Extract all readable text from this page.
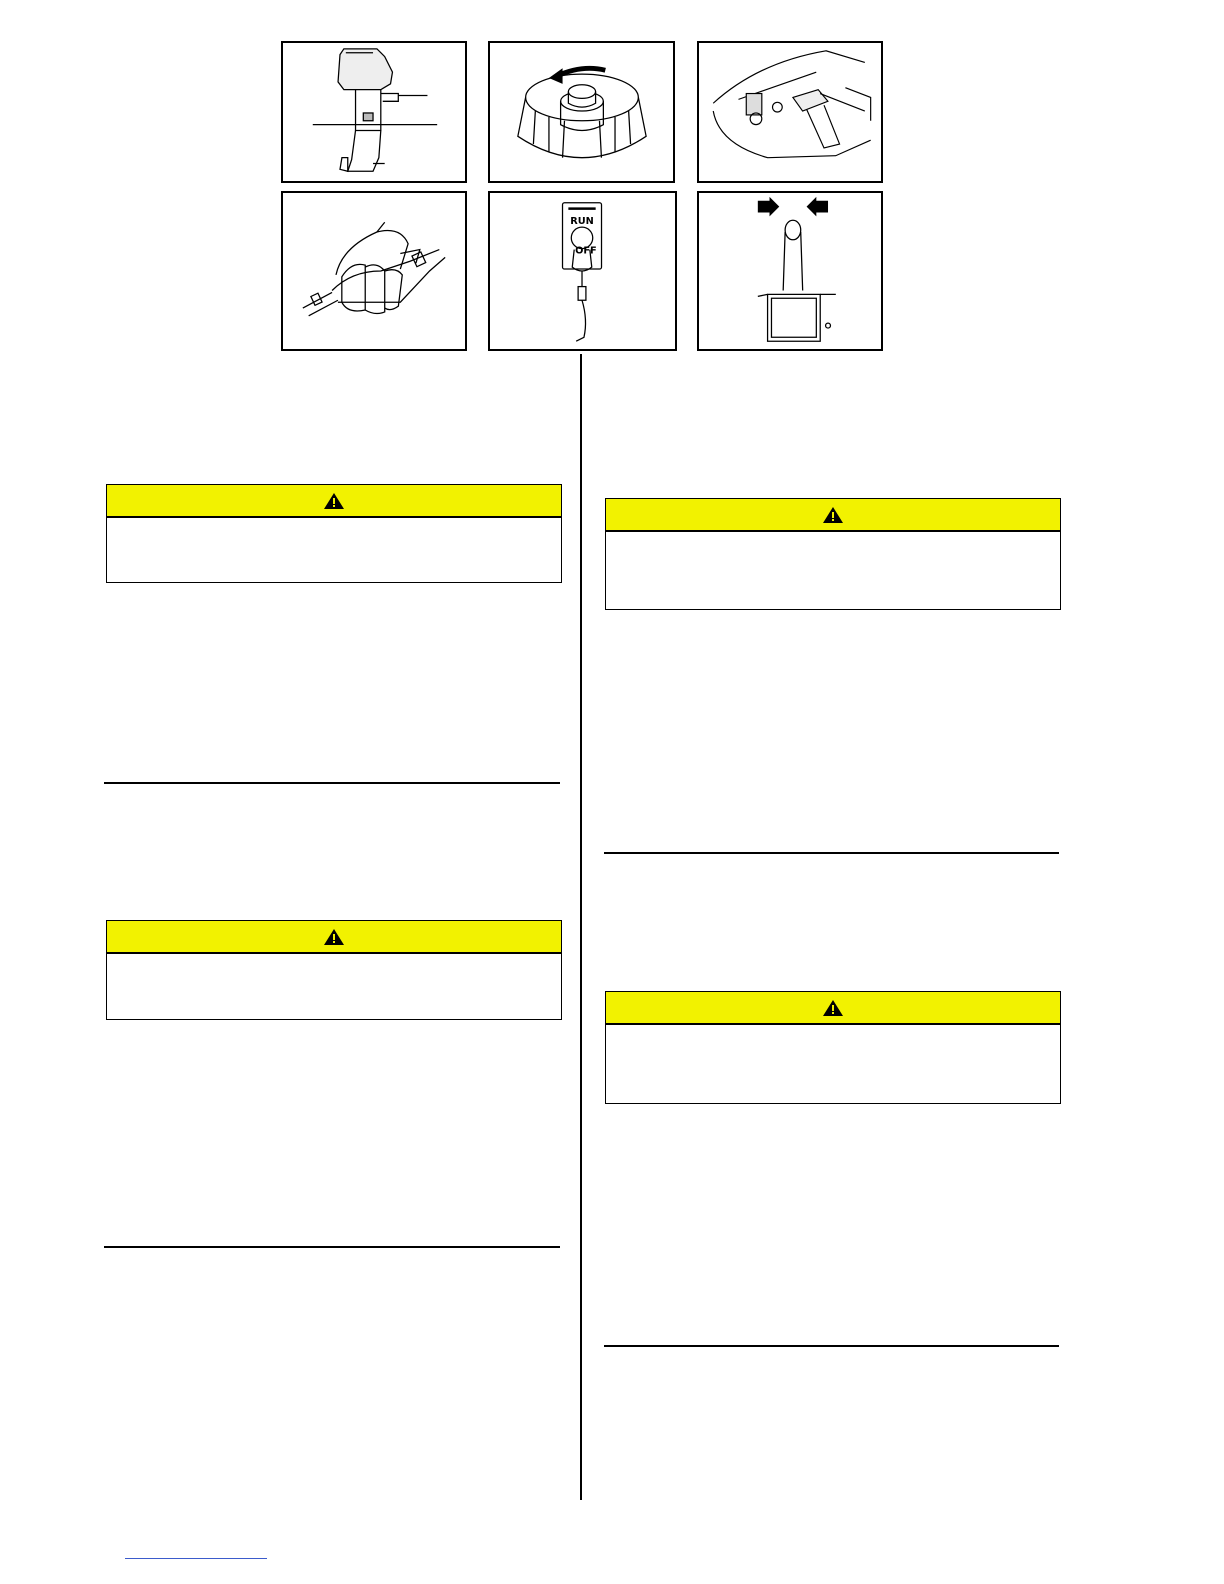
RUN
OFF
